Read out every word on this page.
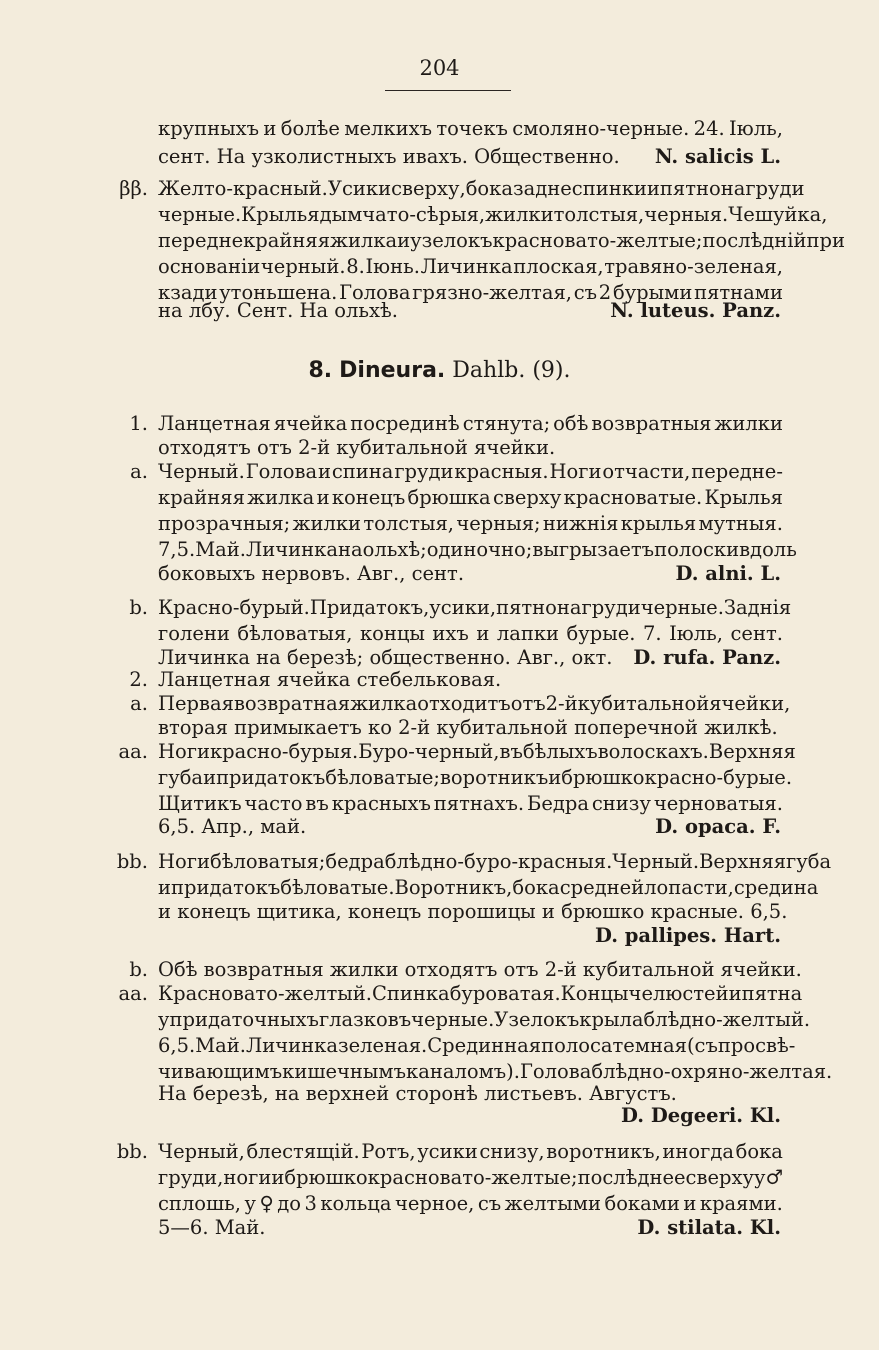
204
крупныхъ и болѣе мелкихъ точекъ смоляно-черные. 24. Іюль,
сент. На узколистныхъ ивахъ. Общественно.	N. salicis L.
ββ. Желто-красный. Усики сверху, бока заднеспинки и пятно на груди
черные. Крылья дымчато-сѣрыя, жилки толстыя, черныя. Чешуйка,
переднекрайняя жилка и узелокъ красновато-желтые; послѣдній при
основаніи черный. 8. Іюнь. Личинка плоская, травяно-зеленая,
кзади утоньшена. Голова грязно-желтая, съ 2 бурыми пятнами
на лбу. Сент. На ольхѣ.	N. luteus. Panz.
8. Dineura. Dahlb. (9).
1. Ланцетная ячейка посрединѣ стянута; обѣ возвратныя жилки
отходятъ отъ 2-й кубитальной ячейки.
a. Черный. Голова и спина груди красныя. Ноги отчасти, передне-
крайняя жилка и конецъ брюшка сверху красноватые. Крылья
прозрачныя; жилки толстыя, черныя; нижнія крылья мутныя.
7,5. Май. Личинка на ольхѣ; одиночно; выгрызаетъ полоски вдоль
боковыхъ нервовъ. Авг., сент.	D. alni. L.
b. Красно-бурый. Придатокъ, усики, пятно на груди черные. Заднія
голени бѣловатыя, концы ихъ и лапки бурые. 7. Іюль, сент.
Личинка на березѣ; общественно. Авг., окт.	D. rufa. Panz.
2. Ланцетная ячейка стебельковая.
a. Первая возвратная жилка отходитъ отъ 2-й кубитальной ячейки,
вторая примыкаетъ ко 2-й кубитальной поперечной жилкѣ.
aa. Ноги красно-бурыя. Буро-черный, въ бѣлыхъ волоскахъ. Верхняя
губа и придатокъ бѣловатые; воротникъ и брюшко красно-бурые.
Щитикъ часто въ красныхъ пятнахъ. Бедра снизу черноватыя.
6,5. Апр., май.	D. opaca. F.
bb. Ноги бѣловатыя; бедра блѣдно-буро-красныя. Черный. Верхняя губа
и придатокъ бѣловатые. Воротникъ, бока средней лопасти, средина
и конецъ щитика, конецъ порошицы и брюшко красные. 6,5.
D. pallipes. Hart.
b. Обѣ возвратныя жилки отходятъ отъ 2-й кубитальной ячейки.
aa. Красновато-желтый. Спинка буроватая. Концы челюстей и пятна
у придаточныхъ глазковъ черные. Узелокъ крыла блѣдно-желтый.
6,5. Май. Личинка зеленая. Срединная полоса темная (съ просвѣ-
чивающимъ кишечнымъ каналомъ). Голова блѣдно-охряно-желтая.
На березѣ, на верхней сторонѣ листьевъ. Августъ.
D. Degeeri. Kl.
bb. Черный, блестящій. Ротъ, усики снизу, воротникъ, иногда бока
груди, ноги и брюшко красновато-желтые; послѣднее сверху у ♂
сплошь, у ♀ до 3 кольца черное, съ желтыми боками и краями.
5—6. Май.	D. stilata. Kl.
